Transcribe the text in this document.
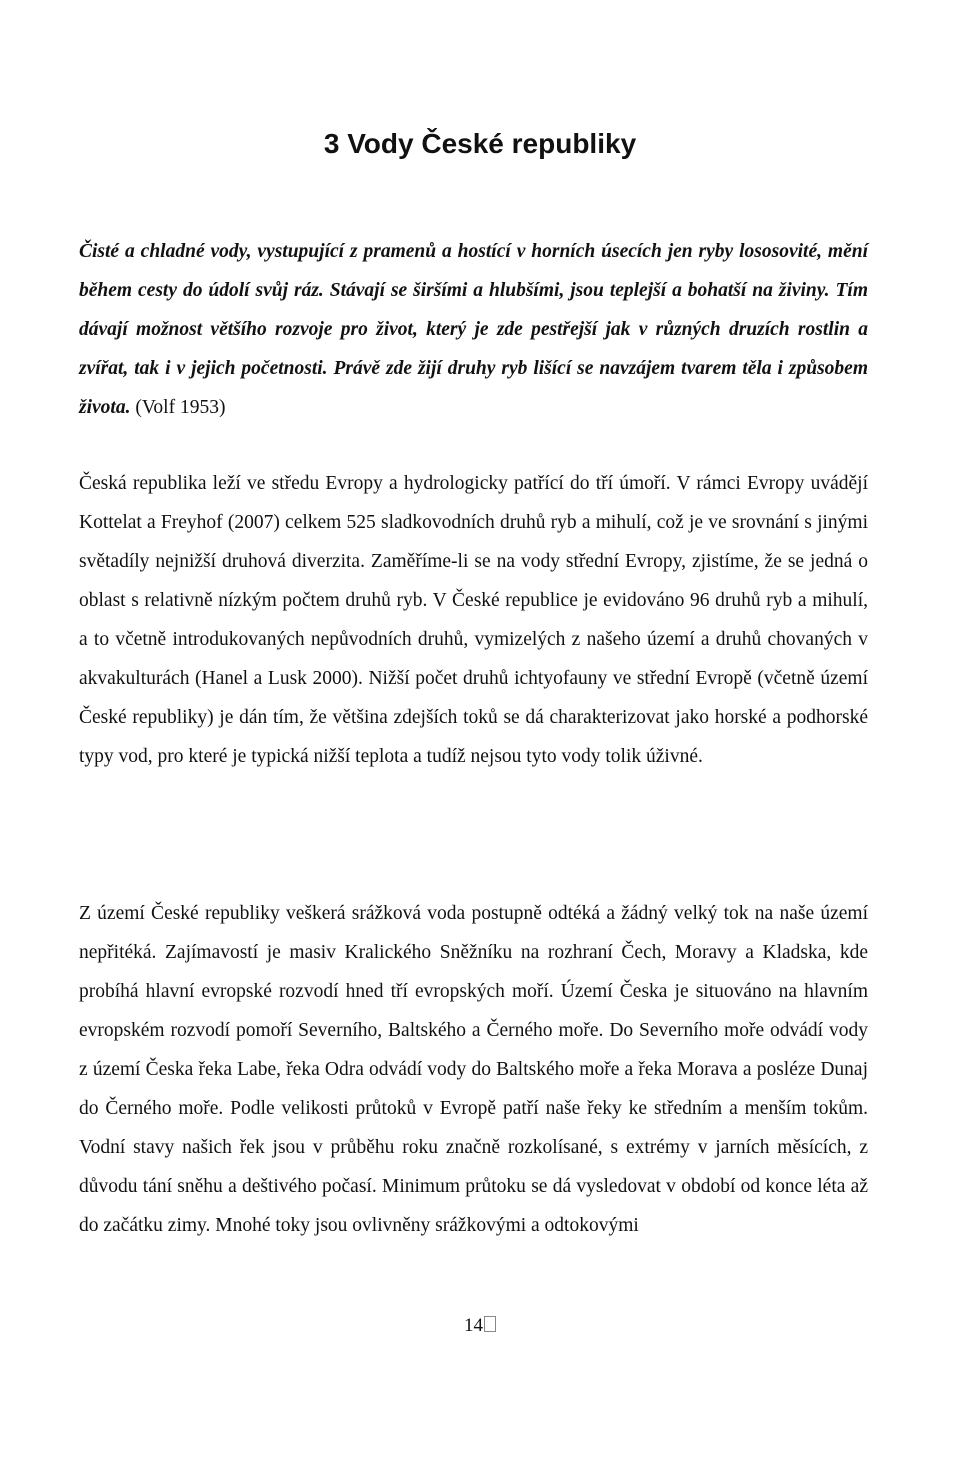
3 Vody České republiky

Čisté a chladné vody, vystupující z pramenů a hostící v horních úsecích jen ryby lososovité, mění během cesty do údolí svůj ráz. Stávají se širšími a hlubšími, jsou teplejší a bohatší na živiny. Tím dávají možnost většího rozvoje pro život, který je zde pestřejší jak v různých druzích rostlin a zvířat, tak i v jejich početnosti. Právě zde žijí druhy ryb lišící se navzájem tvarem těla i způsobem života. (Volf 1953)

Česká republika leží ve středu Evropy a hydrologicky patřící do tří úmoří. V rámci Evropy uvádějí Kottelat a Freyhof (2007) celkem 525 sladkovodních druhů ryb a mihulí, což je ve srovnání s jinými světadíly nejnižší druhová diverzita. Zaměříme-li se na vody střední Evropy, zjistíme, že se jedná o oblast s relativně nízkým počtem druhů ryb. V České republice je evidováno 96 druhů ryb a mihulí, a to včetně introdukovaných nepůvodních druhů, vymizelých z našeho území a druhů chovaných v akvakulturách (Hanel a Lusk 2000). Nižší počet druhů ichtyofauny ve střední Evropě (včetně území České republiky) je dán tím, že většina zdejších toků se dá charakterizovat jako horské a podhorské typy vod, pro které je typická nižší teplota a tudíž nejsou tyto vody tolik úživné.

Z území České republiky veškerá srážková voda postupně odtéká a žádný velký tok na naše území nepřitéká. Zajímavostí je masiv Kralického Sněžníku na rozhraní Čech, Moravy a Kladska, kde probíhá hlavní evropské rozvodí hned tří evropských moří. Území Česka je situováno na hlavním evropském rozvodí pomoří Severního, Baltského a Černého moře. Do Severního moře odvádí vody z území Česka řeka Labe, řeka Odra odvádí vody do Baltského moře a řeka Morava a posléze Dunaj do Černého moře. Podle velikosti průtoků v Evropě patří naše řeky ke středním a menším tokům. Vodní stavy našich řek jsou v průběhu roku značně rozkolísané, s extrémy v jarních měsících, z důvodu tání sněhu a deštivého počasí. Minimum průtoku se dá vysledovat v období od konce léta až do začátku zimy. Mnohé toky jsou ovlivněny srážkovými a odtokovými

14
